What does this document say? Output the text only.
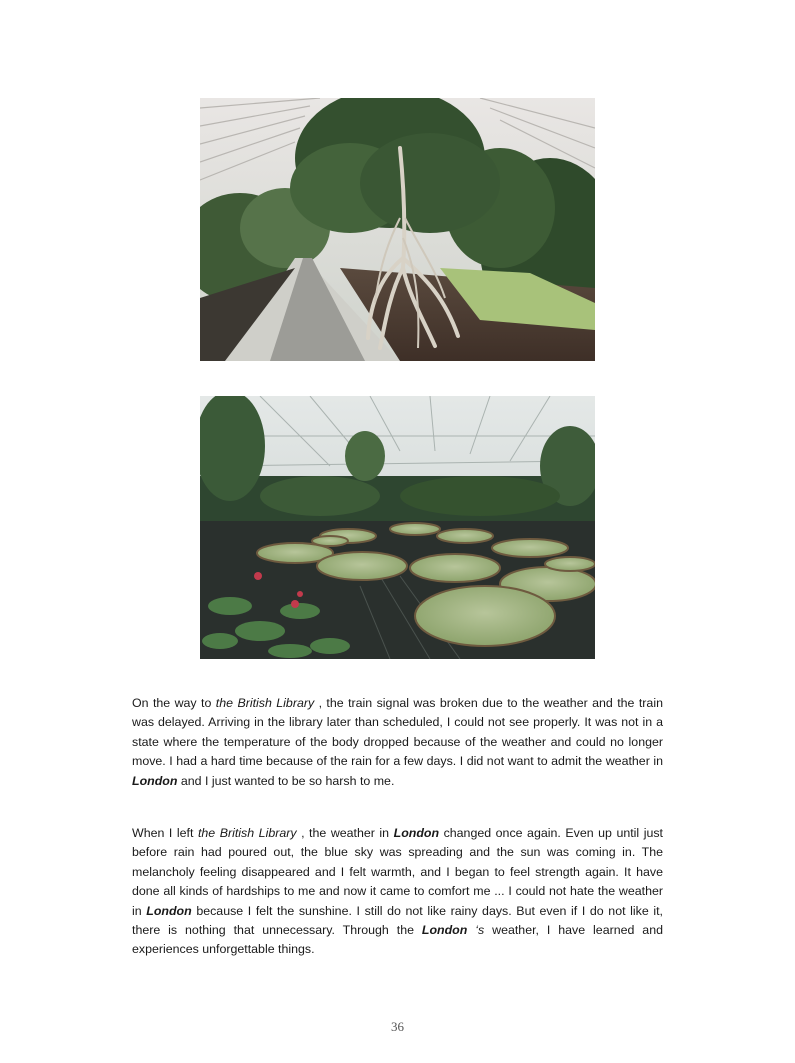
On the way to the British Library , the train signal was broken due to the weather and the train was delayed. Arriving in the library later than scheduled, I could not see properly. It was not in a state where the temperature of the body dropped because of the weather and could no longer move. I had a hard time because of the rain for a few days. I did not want to admit the weather in London and I just wanted to be so harsh to me.
When I left the British Library , the weather in London changed once again. Even up until just before rain had poured out, the blue sky was spreading and the sun was coming in. The melancholy feeling disappeared and I felt warmth, and I began to feel strength again. It have done all kinds of hardships to me and now it came to comfort me ... I could not hate the weather in London because I felt the sunshine. I still do not like rainy days. But even if I do not like it, there is nothing that unnecessary. Through the London ‘s weather, I have learned and experiences unforgettable things.
36
